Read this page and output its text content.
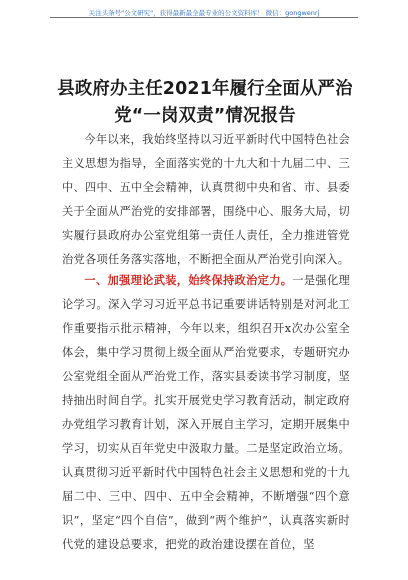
关注头条号"公文研究"，获得最新最全最专业的公文资料库！ 微信：gongwenrj
县政府办主任2021年履行全面从严治党“一岗双责”情况报告

今年以来，我始终坚持以习近平新时代中国特色社会主义思想为指导，全面落实党的十九大和十九届二中、三中、四中、五中全会精神，认真贯彻中央和省、市、县委关于全面从严治党的安排部署，围绕中心、服务大局，切实履行县政府办公室党组第一责任人责任，全力推进管党治党各项任务落实落地，不断把全面从严治党引向深入。

一、加强理论武装，始终保持政治定力。一是强化理论学习。深入学习习近平总书记重要讲话特别是对河北工作重要指示批示精神，今年以来，组织召开x次办公室全体会，集中学习贯彻上级全面从严治党要求，专题研究办公室党组全面从严治党工作，落实县委读书学习制度，坚持抽出时间自学。扎实开展党史学习教育活动，制定政府办党组学习教育计划，深入开展自主学习，定期开展集中学习，切实从百年党史中汲取力量。二是坚定政治立场。认真贯彻习近平新时代中国特色社会主义思想和党的十九届二中、三中、四中、五中全会精神，不断增强“四个意识”，坚定“四个自信”，做到“两个维护”，认真落实新时代党的建设总要求，把党的政治建设摆在首位，坚
